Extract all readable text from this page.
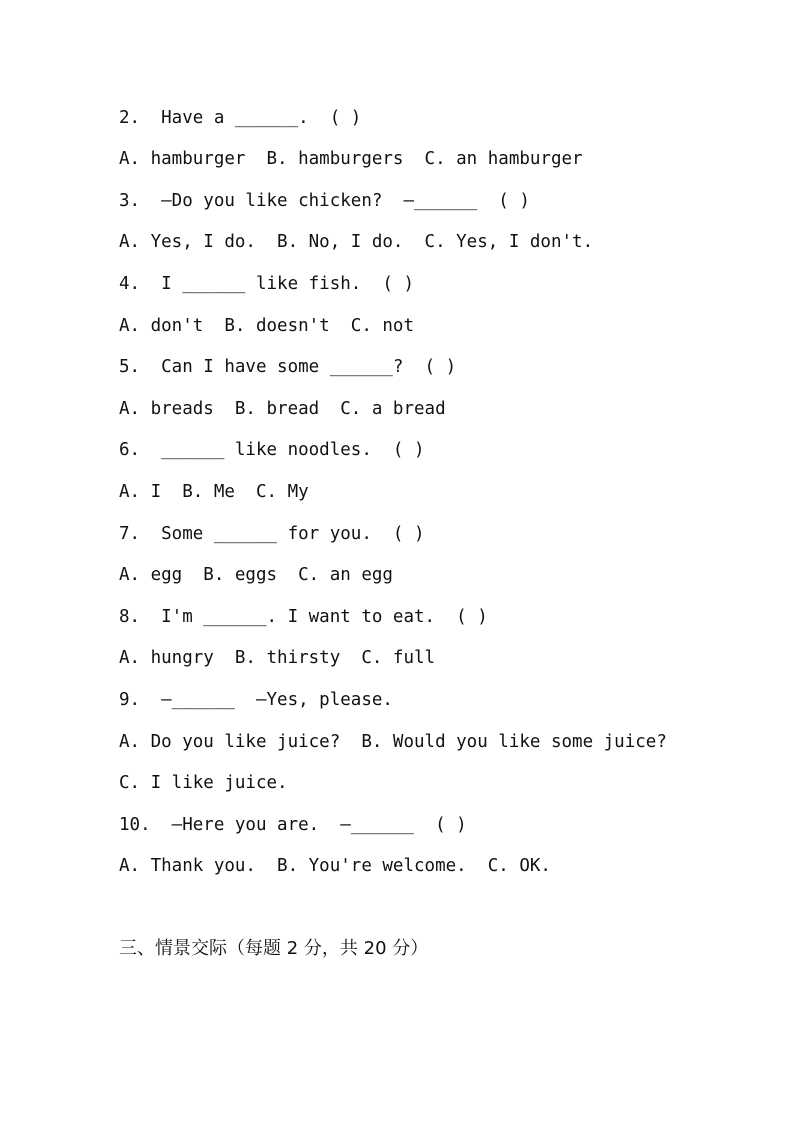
2.  Have a ______.  ( )
A. hamburger  B. hamburgers  C. an hamburger
3.  —Do you like chicken?  —______  ( )
A. Yes, I do.  B. No, I do.  C. Yes, I don't.
4.  I ______ like fish.  ( )
A. don't  B. doesn't  C. not
5.  Can I have some ______?  ( )
A. breads  B. bread  C. a bread
6.  ______ like noodles.  ( )
A. I  B. Me  C. My
7.  Some ______ for you.  ( )
A. egg  B. eggs  C. an egg
8.  I'm ______. I want to eat.  ( )
A. hungry  B. thirsty  C. full
9.  —______  —Yes, please.
A. Do you like juice?  B. Would you like some juice?
C. I like juice.
10.  —Here you are.  —______  ( )
A. Thank you.  B. You're welcome.  C. OK.
三、情景交际（每题 2 分，共 20 分）
